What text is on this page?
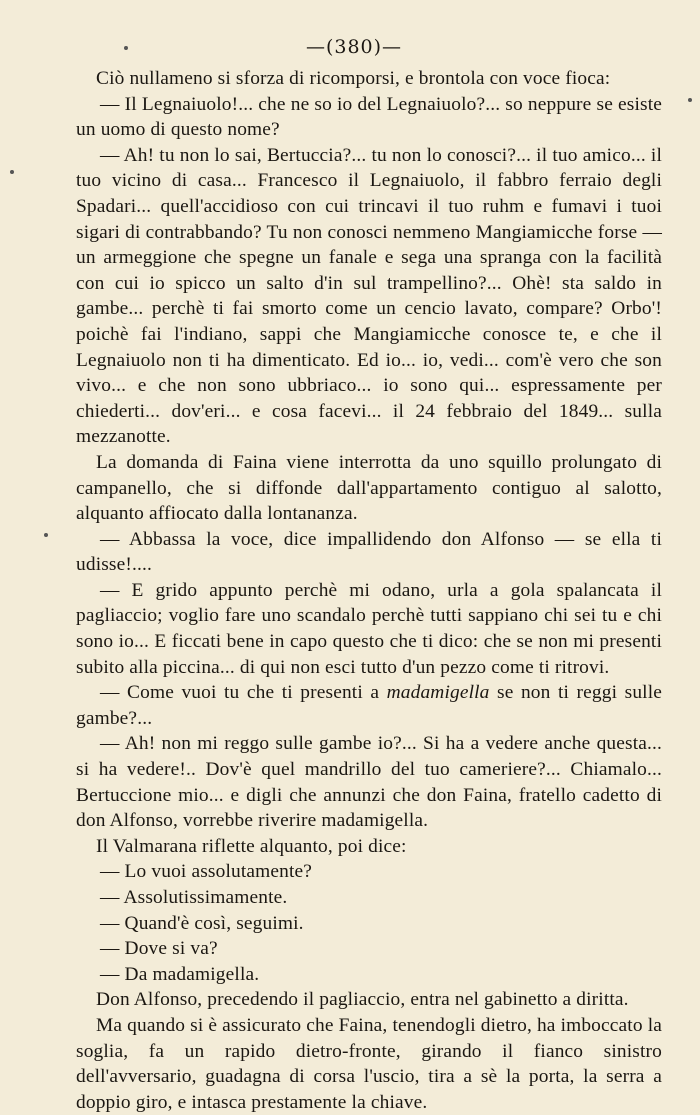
—(380)—

Ciò nullameno si sforza di ricomporsi, e brontola con voce fioca:

— Il Legnaiuolo!... che ne so io del Legnaiuolo?... so neppure se esiste un uomo di questo nome?

— Ah! tu non lo sai, Bertuccia?... tu non lo conosci?... il tuo amico... il tuo vicino di casa... Francesco il Legnaiuolo, il fabbro ferraio degli Spadari... quell'accidioso con cui trincavi il tuo ruhm e fumavi i tuoi sigari di contrabbando? Tu non conosci nemmeno Mangiamicche forse — un armeggione che spegne un fanale e sega una spranga con la facilità con cui io spicco un salto d'in sul trampellino?... Ohè! sta saldo in gambe... perchè ti fai smorto come un cencio lavato, compare? Orbo'! poichè fai l'indiano, sappi che Mangiamicche conosce te, e che il Legnaiuolo non ti ha dimenticato. Ed io... io, vedi... com'è vero che son vivo... e che non sono ubbriaco... io sono qui... espressamente per chiederti... dov'eri... e cosa facevi... il 24 febbraio del 1849... sulla mezzanotte.

La domanda di Faina viene interrotta da uno squillo prolungato di campanello, che si diffonde dall'appartamento contiguo al salotto, alquanto affiocato dalla lontananza.

— Abbassa la voce, dice impallidendo don Alfonso — se ella ti udisse!....

— E grido appunto perchè mi odano, urla a gola spalancata il pagliaccio; voglio fare uno scandalo perchè tutti sappiano chi sei tu e chi sono io... E ficcati bene in capo questo che ti dico: che se non mi presenti subito alla piccina... di qui non esci tutto d'un pezzo come ti ritrovi.

— Come vuoi tu che ti presenti a madamigella se non ti reggi sulle gambe?...

— Ah! non mi reggo sulle gambe io?... Si ha a vedere anche questa... si ha vedere!.. Dov'è quel mandrillo del tuo cameriere?... Chiamalo... Bertuccione mio... e digli che annunzi che don Faina, fratello cadetto di don Alfonso, vorrebbe riverire madamigella.

Il Valmarana riflette alquanto, poi dice:

— Lo vuoi assolutamente?

— Assolutissimamente.

— Quand'è così, seguimi.

— Dove si va?

— Da madamigella.

Don Alfonso, precedendo il pagliaccio, entra nel gabinetto a diritta.

Ma quando si è assicurato che Faina, tenendogli dietro, ha imboccato la soglia, fa un rapido dietro-fronte, girando il fianco sinistro dell'avversario, guadagna di corsa l'uscio, tira a sè la porta, la serra a doppio giro, e intasca prestamente la chiave.
